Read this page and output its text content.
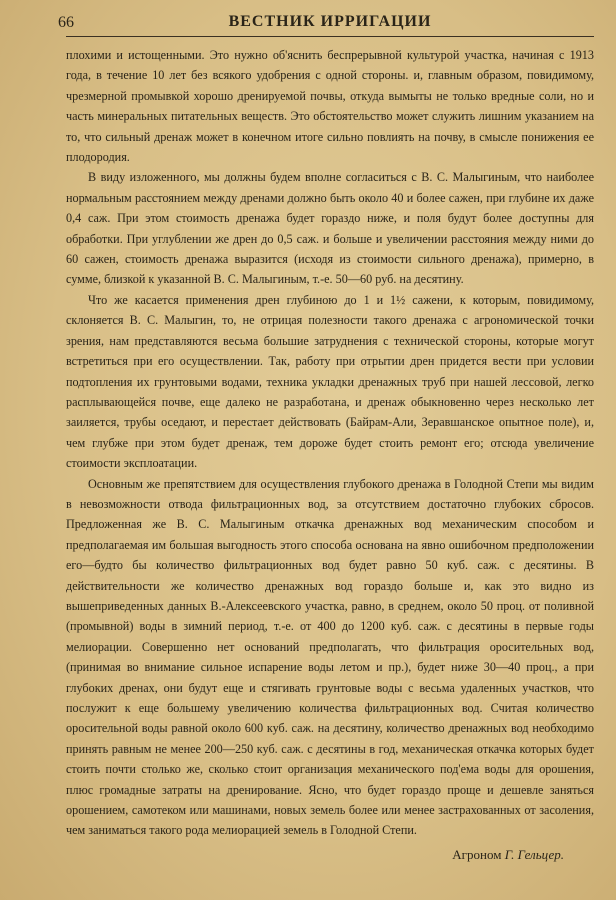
66	ВЕСТНИК ИРРИГАЦИИ

плохими и истощенными. Это нужно об'яснить беспрерывной культурой участка, начиная с 1913 года, в течение 10 лет без всякого удобрения с одной стороны. и, главным образом, повидимому, чрезмерной промывкой хорошо дренируемой почвы, откуда вымыты не только вредные соли, но и часть минеральных питательных веществ. Это обстоятельство может служить лишним указанием на то, что сильный дренаж может в конечном итоге сильно повлиять на почву, в смысле понижения ее плодородия.

В виду изложенного, мы должны будем вполне согласиться с В. С. Малыгиным, что наиболее нормальным расстоянием между дренами должно быть около 40 и более сажен, при глубине их даже 0,4 саж. При этом стоимость дренажа будет гораздо ниже, и поля будут более доступны для обработки. При углублении же дрен до 0,5 саж. и больше и увеличении расстояния между ними до 60 сажен, стоимость дренажа выразится (исходя из стоимости сильного дренажа), примерно, в сумме, близкой к указанной В. С. Малыгиным, т.-е. 50—60 руб. на десятину.

Что же касается применения дрен глубиною до 1 и 1½ сажени, к которым, повидимому, склоняется В. С. Малыгин, то, не отрицая полезности такого дренажа с агрономической точки зрения, нам представляются весьма большие затруднения с технической стороны, которые могут встретиться при его осуществлении. Так, работу при отрытии дрен придется вести при условии подтопления их грунтовыми водами, техника укладки дренажных труб при нашей лессовой, легко расплывающейся почве, еще далеко не разработана, и дренаж обыкновенно через несколько лет заиляется, трубы оседают, и перестает действовать (Байрам-Али, Зеравшанское опытное поле), и, чем глубже при этом будет дренаж, тем дороже будет стоить ремонт его; отсюда увеличение стоимости эксплоатации.

Основным же препятствием для осуществления глубокого дренажа в Голодной Степи мы видим в невозможности отвода фильтрационных вод, за отсутствием достаточно глубоких сбросов. Предложенная же В. С. Малыгиным откачка дренажных вод механическим способом и предполагаемая им большая выгодность этого способа основана на явно ошибочном предположении его—будто бы количество фильтрационных вод будет равно 50 куб. саж. с десятины. В действительности же количество дренажных вод гораздо больше и, как это видно из вышеприведенных данных В.-Алексеевского участка, равно, в среднем, около 50 проц. от поливной (промывной) воды в зимний период, т.-е. от 400 до 1200 куб. саж. с десятины в первые годы мелиорации. Совершенно нет оснований предполагать, что фильтрация оросительных вод, (принимая во внимание сильное испарение воды летом и пр.), будет ниже 30—40 проц., а при глубоких дренах, они будут еще и стягивать грунтовые воды с весьма удаленных участков, что послужит к еще большему увеличению количества фильтрационных вод. Считая количество оросительной воды равной около 600 куб. саж. на десятину, количество дренажных вод необходимо принять равным не менее 200—250 куб. саж. с десятины в год, механическая откачка которых будет стоить почти столько же, сколько стоит организация механического под'ема воды для орошения, плюс громадные затраты на дренирование. Ясно, что будет гораздо проще и дешевле заняться орошением, самотеком или машинами, новых земель более или менее застрахованных от засоления, чем заниматься такого рода мелиорацией земель в Голодной Степи.

Агроном Г. Гельцер.
